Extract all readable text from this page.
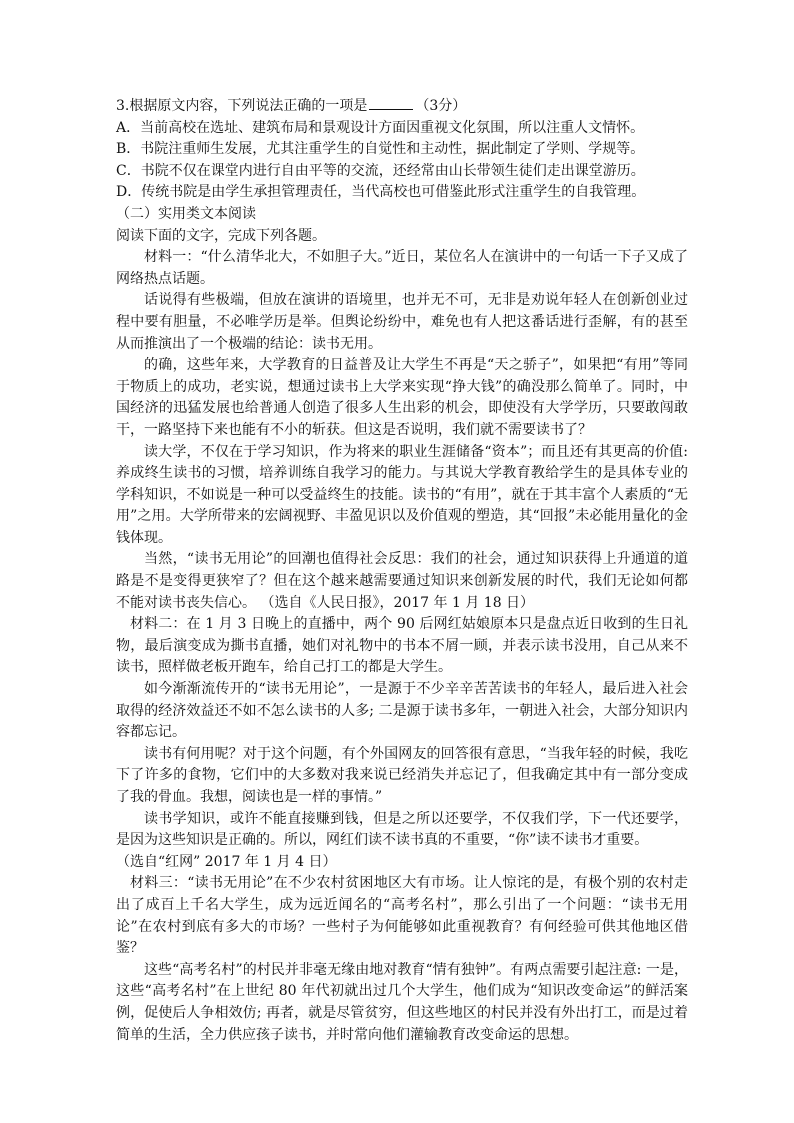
3.根据原文内容，下列说法正确的一项是	（3分）

A．当前高校在选址、建筑布局和景观设计方面因重视文化氛围，所以注重人文情怀。

B．书院注重师生发展，尤其注重学生的自觉性和主动性，据此制定了学则、学规等。

C．书院不仅在课堂内进行自由平等的交流，还经常由山长带领生徒们走出课堂游历。

D．传统书院是由学生承担管理责任，当代高校也可借鉴此形式注重学生的自我管理。

（二）实用类文本阅读

阅读下面的文字，完成下列各题。

材料一：“什么清华北大，不如胆子大。”近日，某位名人在演讲中的一句话一下子又成了网络热点话题。

话说得有些极端，但放在演讲的语境里，也并无不可，无非是劝说年轻人在创新创业过程中要有胆量，不必唯学历是举。但舆论纷纷中，难免也有人把这番话进行歪解，有的甚至从而推演出了一个极端的结论：读书无用。

的确，这些年来，大学教育的日益普及让大学生不再是“天之骄子”，如果把“有用”等同于物质上的成功，老实说，想通过读书上大学来实现“挣大钱”的确没那么简单了。同时，中国经济的迅猛发展也给普通人创造了很多人生出彩的机会，即使没有大学学历，只要敢闯敢干，一路坚持下来也能有不小的斩获。但这是否说明，我们就不需要读书了？

读大学，不仅在于学习知识，作为将来的职业生涯储备“资本”；而且还有其更高的价值: 养成终生读书的习惯，培养训练自我学习的能力。与其说大学教育教给学生的是具体专业的学科知识，不如说是一种可以受益终生的技能。读书的“有用”，就在于其丰富个人素质的“无用”之用。大学所带来的宏阔视野、丰盈见识以及价值观的塑造，其“回报”未必能用量化的金钱体现。

当然，“读书无用论”的回潮也值得社会反思：我们的社会，通过知识获得上升通道的道路是不是变得更狭窄了？但在这个越来越需要通过知识来创新发展的时代，我们无论如何都不能对读书丧失信心。 （选自《人民日报》，2017 年 1 月 18 日）

材料二：在 1 月 3 日晚上的直播中，两个 90 后网红姑娘原本只是盘点近日收到的生日礼物，最后演变成为撕书直播，她们对礼物中的书本不屑一顾，并表示读书没用，自己从来不读书，照样做老板开跑车，给自己打工的都是大学生。

如今渐渐流传开的“读书无用论”，一是源于不少辛辛苦苦读书的年轻人，最后进入社会取得的经济效益还不如不怎么读书的人多; 二是源于读书多年，一朝进入社会，大部分知识内容都忘记。

读书有何用呢？对于这个问题，有个外国网友的回答很有意思，“当我年轻的时候，我吃下了许多的食物，它们中的大多数对我来说已经消失并忘记了，但我确定其中有一部分变成了我的骨血。我想，阅读也是一样的事情。”

读书学知识，或许不能直接赚到钱，但是之所以还要学，不仅我们学，下一代还要学，是因为这些知识是正确的。所以，网红们读不读书真的不重要，“你”读不读书才重要。

（选自“红网” 2017 年 1 月 4 日）

材料三：“读书无用论”在不少农村贫困地区大有市场。让人惊诧的是，有极个别的农村走出了成百上千名大学生，成为远近闻名的“高考名村”，那么引出了一个问题：“读书无用论”在农村到底有多大的市场？一些村子为何能够如此重视教育？有何经验可供其他地区借鉴？

这些“高考名村”的村民并非毫无缘由地对教育“情有独钟”。有两点需要引起注意: 一是，这些“高考名村”在上世纪 80 年代初就出过几个大学生，他们成为“知识改变命运”的鲜活案例，促使后人争相效仿; 再者，就是尽管贫穷，但这些地区的村民并没有外出打工，而是过着简单的生活，全力供应孩子读书，并时常向他们灌输教育改变命运的思想。
